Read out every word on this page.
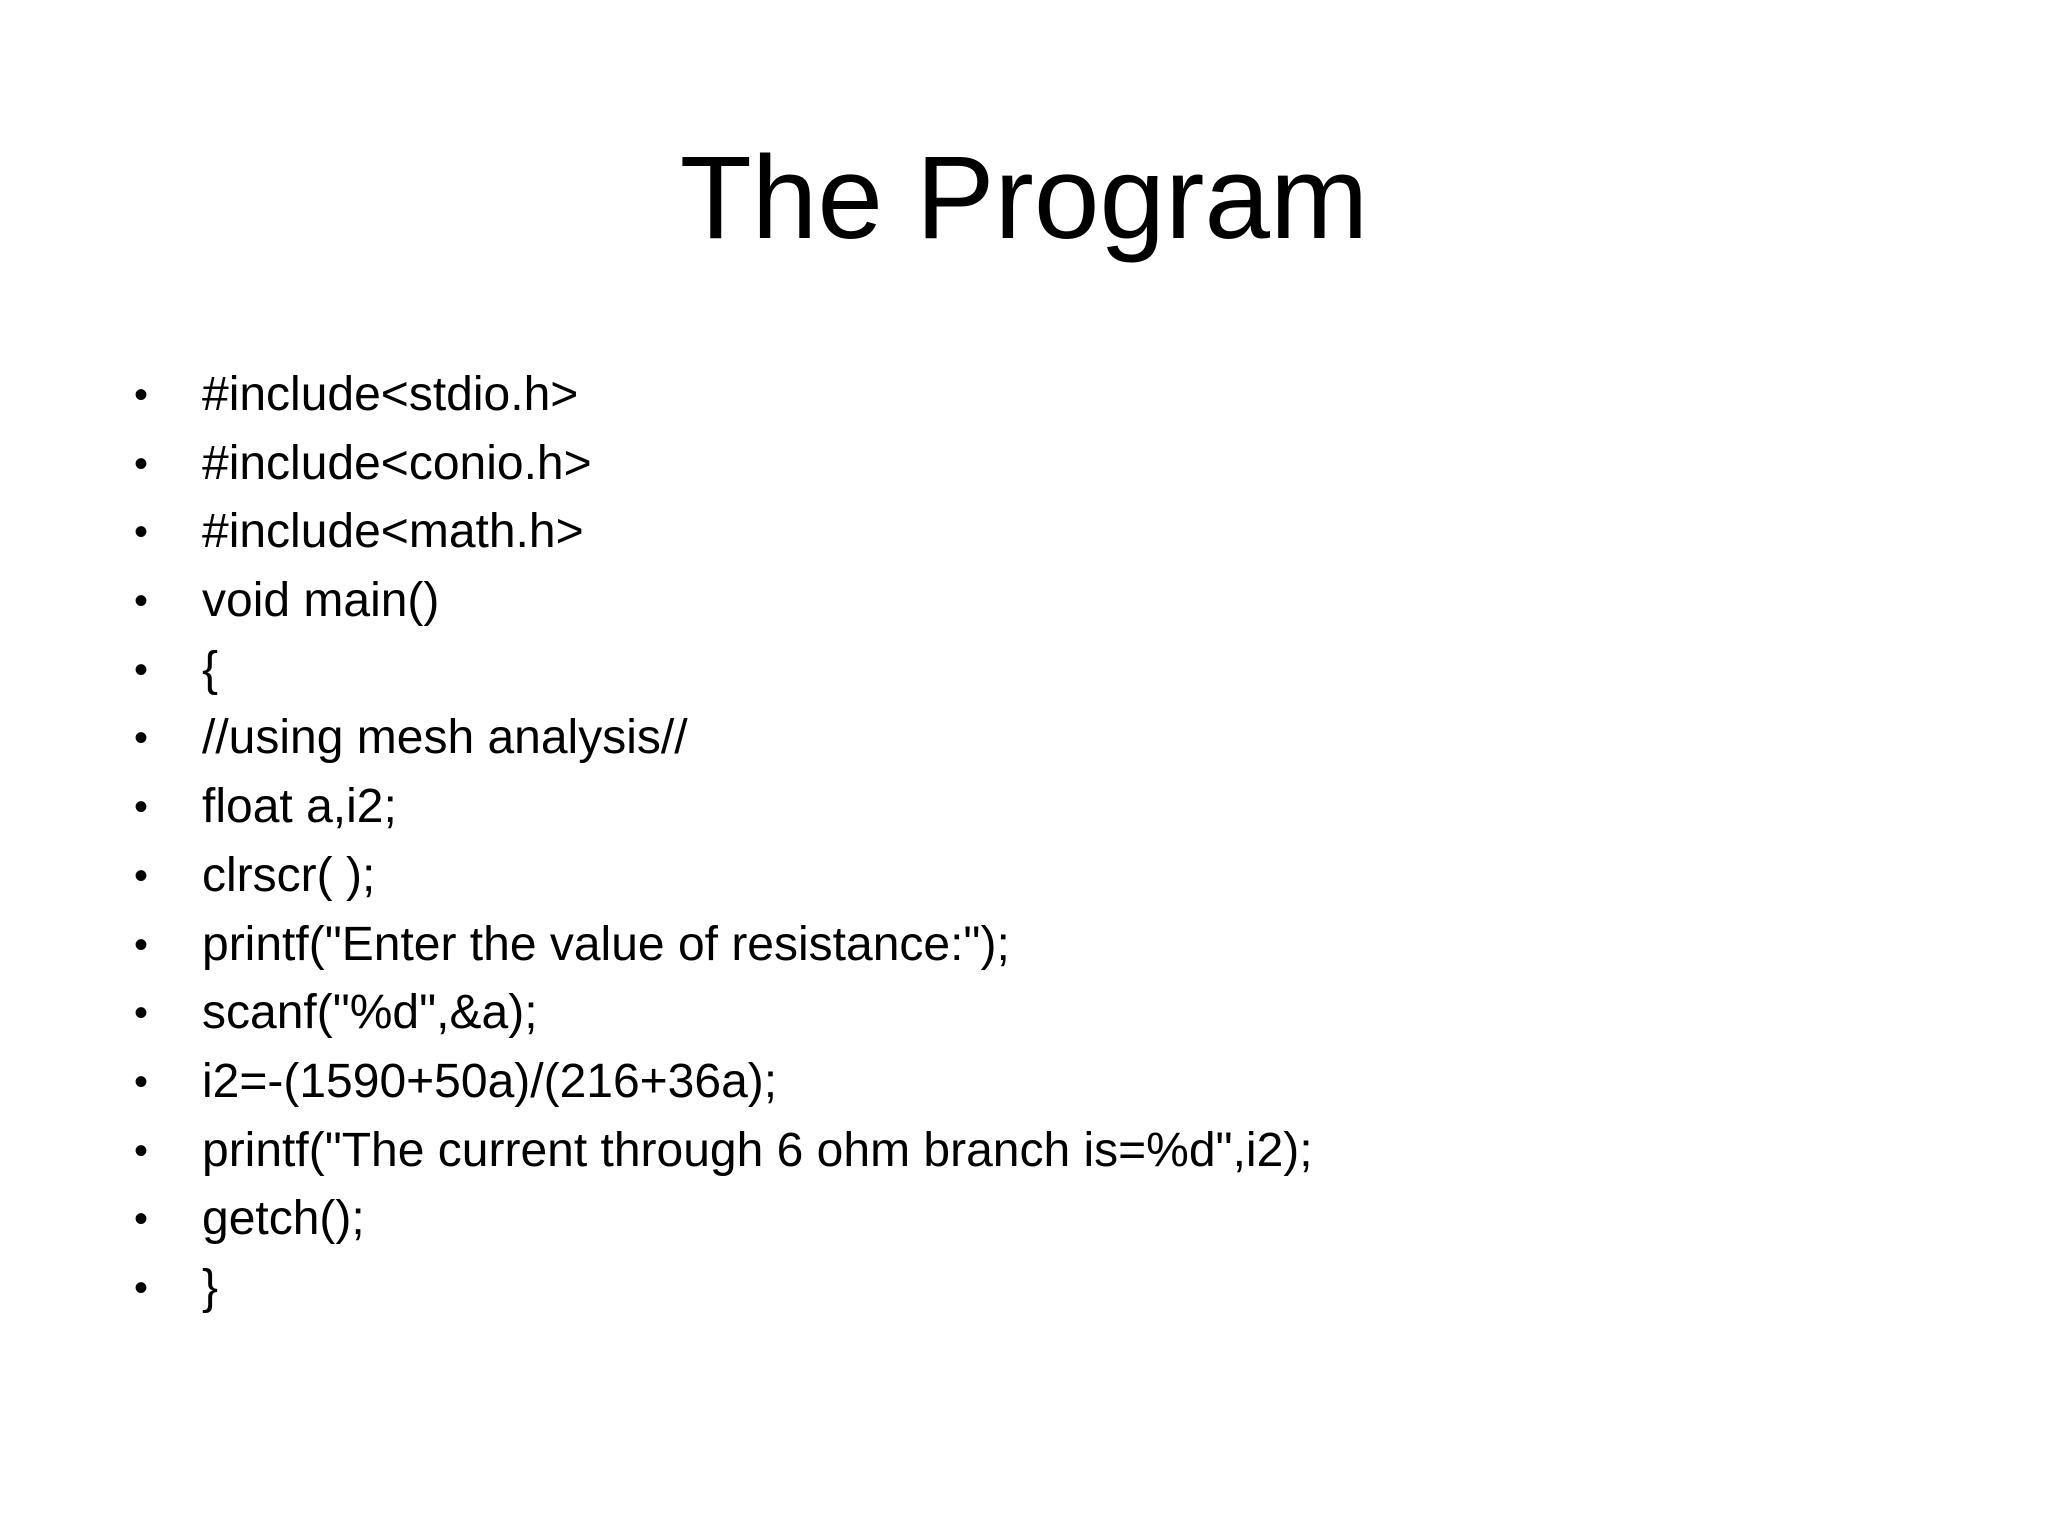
The Program
• #include<stdio.h>
• #include<conio.h>
• #include<math.h>
• void main()
• {
• //using mesh analysis//
• float a,i2;
• clrscr( );
• printf("Enter the value of resistance:");
• scanf("%d",&a);
• i2=-(1590+50a)/(216+36a);
• printf("The current through 6 ohm branch is=%d",i2);
• getch();
• }
